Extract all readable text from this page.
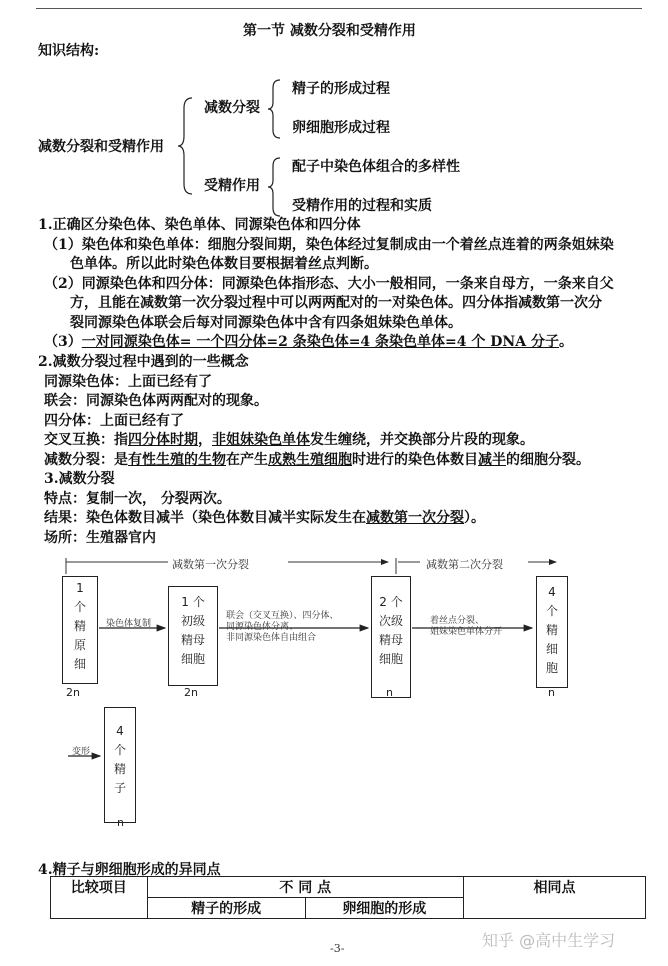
第一节 减数分裂和受精作用
知识结构:
减数分裂和受精作用
减数分裂
精子的形成过程
卵细胞形成过程
受精作用
配子中染色体组合的多样性
受精作用的过程和实质
1.正确区分染色体、染色单体、同源染色体和四分体
（1）染色体和染色单体：细胞分裂间期，染色体经过复制成由一个着丝点连着的两条姐妹染
色单体。所以此时染色体数目要根据着丝点判断。
（2）同源染色体和四分体：同源染色体指形态、大小一般相同，一条来自母方，一条来自父
方，且能在减数第一次分裂过程中可以两两配对的一对染色体。四分体指减数第一次分
裂同源染色体联会后每对同源染色体中含有四条姐妹染色单体。
（3）一对同源染色体= 一个四分体=2 条染色体=4 条染色单体=4 个 DNA 分子。
2.减数分裂过程中遇到的一些概念
同源染色体：上面已经有了
联会：同源染色体两两配对的现象。
四分体：上面已经有了
交叉互换：指四分体时期，非姐妹染色单体发生缠绕，并交换部分片段的现象。
减数分裂：是有性生殖的生物在产生成熟生殖细胞时进行的染色体数目减半的细胞分裂。
3.减数分裂
特点：复制一次， 分裂两次。
结果：染色体数目减半（染色体数目减半实际发生在减数第一次分裂）。
场所：生殖器官内
减数第一次分裂	减数第二次分裂
1
个
精
原
细
1 个
初级
精母
细胞
2 个
次级
精母
细胞
4
个
精
细
胞
染色体复制
联会（交叉互换）、四分体、
同源染色体分离、
非同源染色体自由组合
着丝点分裂、
姐妹染色单体分开
2n	2n	n	n
4
个
精
子
变形
n
4.精子与卵细胞形成的异同点
比较项目	不 同 点		相同点
	精子的形成	卵细胞的形成	
知乎 @高中生学习
-3-
